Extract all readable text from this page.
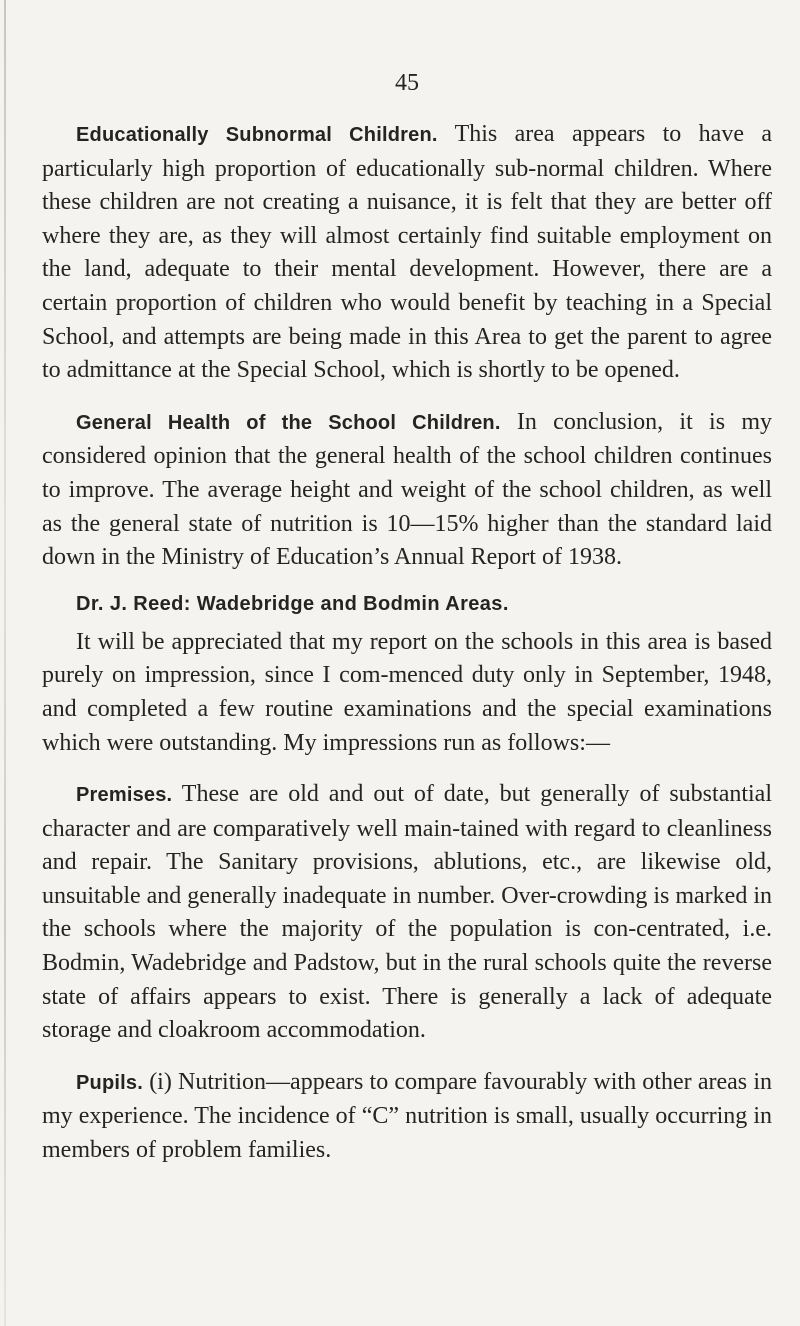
45

Educationally Subnormal Children. This area appears to have a particularly high proportion of educationally sub-normal children. Where these children are not creating a nuisance, it is felt that they are better off where they are, as they will almost certainly find suitable employment on the land, adequate to their mental development. However, there are a certain proportion of children who would benefit by teaching in a Special School, and attempts are being made in this Area to get the parent to agree to admittance at the Special School, which is shortly to be opened.

General Health of the School Children. In conclusion, it is my considered opinion that the general health of the school children continues to improve. The average height and weight of the school children, as well as the general state of nutrition is 10—15% higher than the standard laid down in the Ministry of Education’s Annual Report of 1938.

Dr. J. Reed: Wadebridge and Bodmin Areas.

It will be appreciated that my report on the schools in this area is based purely on impression, since I com-menced duty only in September, 1948, and completed a few routine examinations and the special examinations which were outstanding. My impressions run as follows:—

Premises. These are old and out of date, but generally of substantial character and are comparatively well main-tained with regard to cleanliness and repair. The Sanitary provisions, ablutions, etc., are likewise old, unsuitable and generally inadequate in number. Over-crowding is marked in the schools where the majority of the population is con-centrated, i.e. Bodmin, Wadebridge and Padstow, but in the rural schools quite the reverse state of affairs appears to exist. There is generally a lack of adequate storage and cloakroom accommodation.

Pupils. (i) Nutrition—appears to compare favourably with other areas in my experience. The incidence of “C” nutrition is small, usually occurring in members of problem families.
